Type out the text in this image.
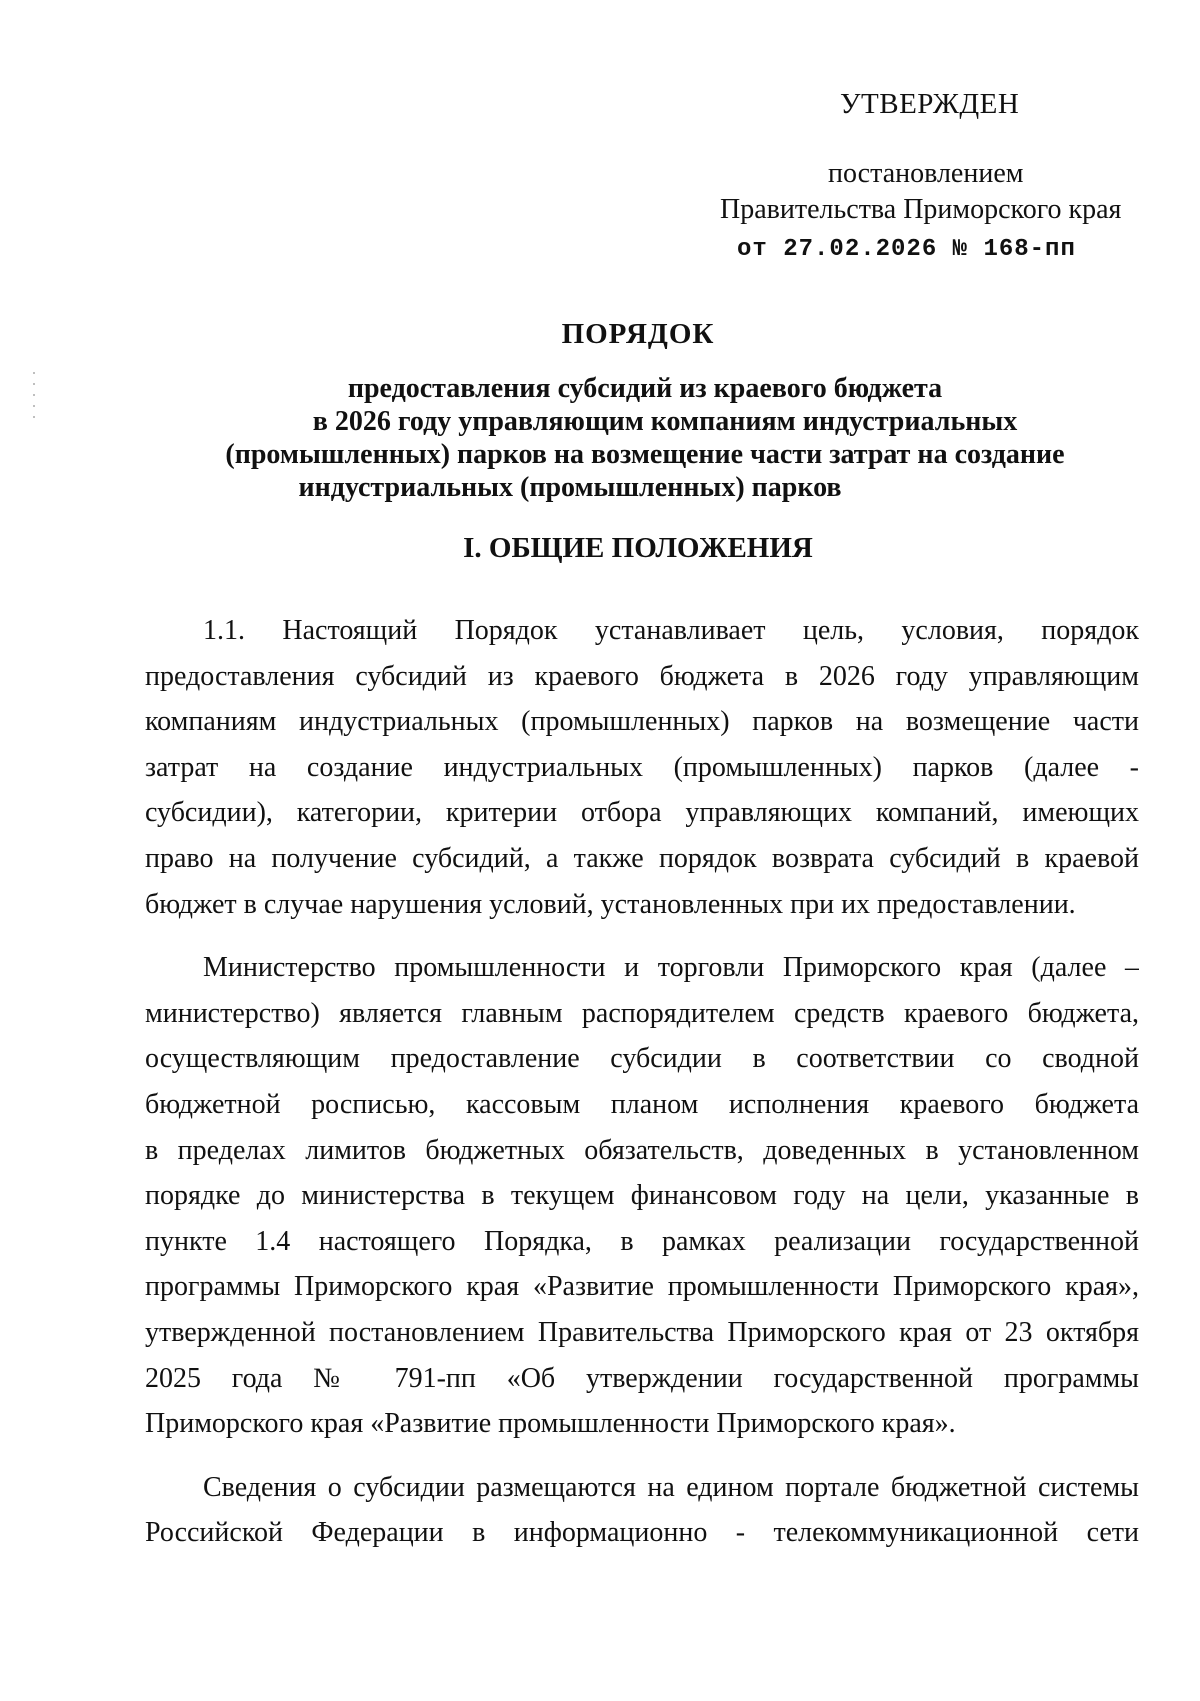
УТВЕРЖДЕН
постановлением
Правительства Приморского края
от 27.02.2026 № 168-пп
ПОРЯДОК
предоставления субсидий из краевого бюджета
в 2026 году управляющим компаниям индустриальных
(промышленных) парков на возмещение части затрат на создание
индустриальных (промышленных) парков
I. ОБЩИЕ ПОЛОЖЕНИЯ
1.1. Настоящий Порядок устанавливает цель, условия, порядок
предоставления субсидий из краевого бюджета в 2026 году управляющим
компаниям индустриальных (промышленных) парков на возмещение части
затрат на создание индустриальных (промышленных) парков (далее -
субсидии), категории, критерии отбора управляющих компаний, имеющих
право на получение субсидий, а также порядок возврата субсидий в краевой
бюджет в случае нарушения условий, установленных при их предоставлении.
Министерство промышленности и торговли Приморского края (далее –
министерство) является главным распорядителем средств краевого бюджета,
осуществляющим предоставление субсидии в соответствии со сводной
бюджетной росписью, кассовым планом исполнения краевого бюджета
в пределах лимитов бюджетных обязательств, доведенных в установленном
порядке до министерства в текущем финансовом году на цели, указанные в
пункте 1.4 настоящего Порядка, в рамках реализации государственной
программы Приморского края «Развитие промышленности Приморского края»,
утвержденной постановлением Правительства Приморского края от 23 октября
2025 года № 791-пп «Об утверждении государственной программы
Приморского края «Развитие промышленности Приморского края».
Сведения о субсидии размещаются на едином портале бюджетной системы
Российской Федерации в информационно - телекоммуникационной сети
